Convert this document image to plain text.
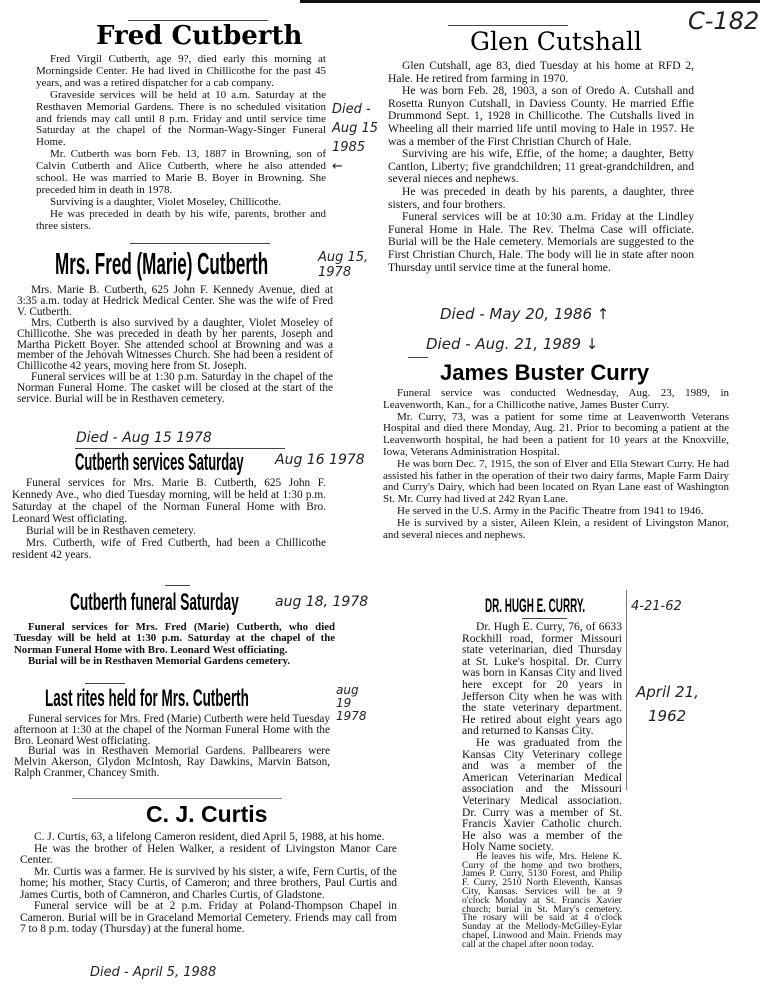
C-182
Fred Cutberth

Fred Virgil Cutberth, age 9?, died early this morning at Morningside Center. He had lived in Chillicothe for the past 45 years, and was a retired dispatcher for a cab company.

Graveside services will be held at 10 a.m. Saturday at the Resthaven Memorial Gardens. There is no scheduled visitation and friends may call until 8 p.m. Friday and until service time Saturday at the chapel of the Norman-Wagy-Singer Funeral Home.

Mr. Cutberth was born Feb. 13, 1887 in Browning, son of Calvin Cutberth and Alice Cutberth, where he also attended school. He was married to Marie B. Boyer in Browning. She preceded him in death in 1978.

Surviving is a daughter, Violet Moseley, Chillicothe.

He was preceded in death by his wife, parents, brother and three sisters.

Died -
Aug 15
1985
←
Glen Cutshall

Glen Cutshall, age 83, died Tuesday at his home at RFD 2, Hale. He retired from farming in 1970.

He was born Feb. 28, 1903, a son of Oredo A. Cutshall and Rosetta Runyon Cutshall, in Daviess County. He married Effie Drummond Sept. 1, 1928 in Chillicothe. The Cutshalls lived in Wheeling all their married life until moving to Hale in 1957. He was a member of the First Christian Church of Hale.

Surviving are his wife, Effie, of the home; a daughter, Betty Cantlon, Liberty; five grandchildren; 11 great-grandchildren, and several nieces and nephews.

He was preceded in death by his parents, a daughter, three sisters, and four brothers.

Funeral services will be at 10:30 a.m. Friday at the Lindley Funeral Home in Hale. The Rev. Thelma Case will officiate. Burial will be the Hale cemetery. Memorials are suggested to the First Christian Church, Hale. The body will lie in state after noon Thursday until service time at the funeral home.

Died - May 20, 1986 ↑
Died - Aug. 21, 1989 ↓
James Buster Curry

Funeral service was conducted Wednesday, Aug. 23, 1989, in Leavenworth, Kan., for a Chillicothe native, James Buster Curry.

Mr. Curry, 73, was a patient for some time at Leavenworth Veterans Hospital and died there Monday, Aug. 21. Prior to becoming a patient at the Leavenworth hospital, he had been a patient for 10 years at the Knoxville, Iowa, Veterans Administration Hospital.

He was born Dec. 7, 1915, the son of Elver and Ella Stewart Curry. He had assisted his father in the operation of their two dairy farms, Maple Farm Dairy and Curry's Dairy, which had been located on Ryan Lane east of Washington St. Mr. Curry had lived at 242 Ryan Lane.

He served in the U.S. Army in the Pacific Theatre from 1941 to 1946.

He is survived by a sister, Aileen Klein, a resident of Livingston Manor, and several nieces and nephews.

Mrs. Fred (Marie) Cutberth	Aug 15, 1978

Mrs. Marie B. Cutberth, 625 John F. Kennedy Avenue, died at 3:35 a.m. today at Hedrick Medical Center. She was the wife of Fred V. Cutberth.

Mrs. Cutberth is also survived by a daughter, Violet Moseley of Chillicothe. She was preceded in death by her parents, Joseph and Martha Pickett Boyer. She attended school at Browning and was a member of the Jehovah Witnesses Church. She had been a resident of Chillicothe 42 years, moving here from St. Joseph.

Funeral services will be at 1:30 p.m. Saturday in the chapel of the Norman Funeral Home. The casket will be closed at the start of the service. Burial will be in Resthaven cemetery.

Died - Aug 15 1978
Cutberth services Saturday Aug 16 1978

Funeral services for Mrs. Marie B. Cutberth, 625 John F. Kennedy Ave., who died Tuesday morning, will be held at 1:30 p.m. Saturday at the chapel of the Norman Funeral Home with Bro. Leonard West officiating.

Burial will be in Resthaven cemetery.

Mrs. Cutberth, wife of Fred Cutberth, had been a Chillicothe resident 42 years.

Cutberth funeral Saturday	aug 18, 1978

Funeral services for Mrs. Fred (Marie) Cutberth, who died Tuesday will be held at 1:30 p.m. Saturday at the chapel of the Norman Funeral Home with Bro. Leonard West officiating.

Burial will be in Resthaven Memorial Gardens cemetery.

Last rites held for Mrs. Cutberth	aug
19
1978

Funeral services for Mrs. Fred (Marie) Cutberth were held Tuesday afternoon at 1:30 at the chapel of the Norman Funeral Home with the Bro. Leonard West officiating.

Burial was in Resthaven Memorial Gardens. Pallbearers were Melvin Akerson, Glydon McIntosh, Ray Dawkins, Marvin Batson, Ralph Cranmer, Chancey Smith.

C. J. Curtis

C. J. Curtis, 63, a lifelong Cameron resident, died April 5, 1988, at his home.

He was the brother of Helen Walker, a resident of Livingston Manor Care Center.

Mr. Curtis was a farmer. He is survived by his sister, a wife, Fern Curtis, of the home; his mother, Stacy Curtis, of Cameron; and three brothers, Paul Curtis and James Curtis, both of Camneron, and Charles Curtis, of Gladstone.

Funeral service will be at 2 p.m. Friday at Poland-Thompson Chapel in Cameron. Burial will be in Graceland Memorial Cemetery. Friends may call from 7 to 8 p.m. today (Thursday) at the funeral home.

Died - April 5, 1988
DR. HUGH E. CURRY.	4-21-62

Dr. Hugh E. Curry, 76, of 6633 Rockhill road, former Missouri state veterinarian, died Thursday at St. Luke's hospital. Dr. Curry was born in Kansas City and lived here except for 20 years in Jefferson City when he was with the state veterinary department. He retired about eight years ago and returned to Kansas City.

He was graduated from the Kansas City Veterinary college and was a member of the American Veterinarian Medical association and the Missouri Veterinary Medical association. Dr. Curry was a member of St. Francis Xavier Catholic church. He also was a member of the Holy Name society.

He leaves his wife, Mrs. Helene K. Curry of the home and two brothers, James P. Curry, 5130 Forest, and Philip F. Curry, 2510 North Eleventh, Kansas City, Kansas. Services will be at 9 o'clock Monday at St. Francis Xavier church; burial in St. Mary's cemetery. The rosary will be said at 4 o'clock Sunday at the Mellody-McGilley-Eylar chapel, Linwood and Main. Friends may call at the chapel after noon today.

April 21,
1962
